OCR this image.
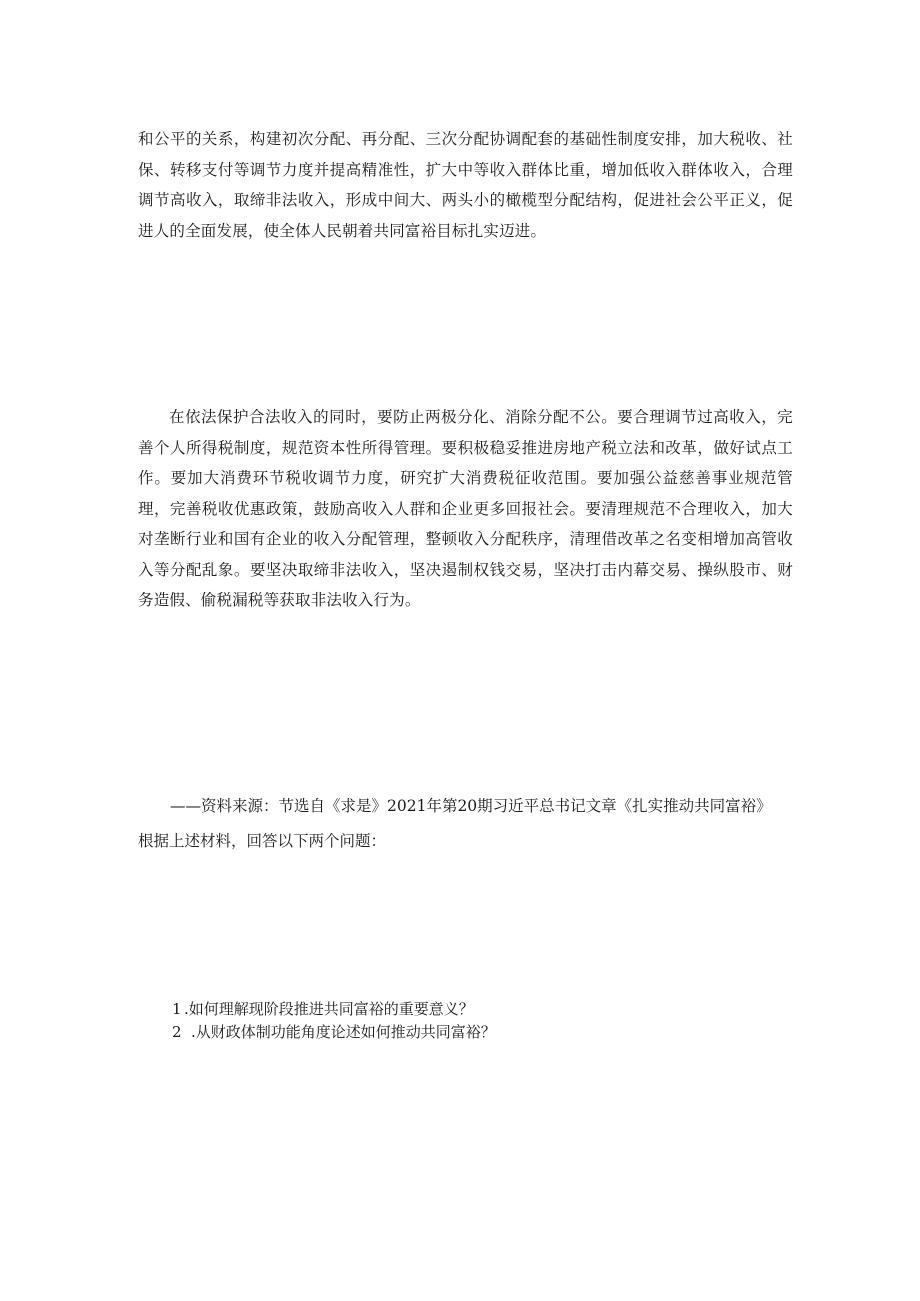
和公平的关系，构建初次分配、再分配、三次分配协调配套的基础性制度安排，加大税收、社保、转移支付等调节力度并提高精准性，扩大中等收入群体比重，增加低收入群体收入，合理调节高收入，取缔非法收入，形成中间大、两头小的橄榄型分配结构，促进社会公平正义，促进人的全面发展，使全体人民朝着共同富裕目标扎实迈进。

在依法保护合法收入的同时，要防止两极分化、消除分配不公。要合理调节过高收入，完善个人所得税制度，规范资本性所得管理。要积极稳妥推进房地产税立法和改革，做好试点工作。要加大消费环节税收调节力度，研究扩大消费税征收范围。要加强公益慈善事业规范管理，完善税收优惠政策，鼓励高收入人群和企业更多回报社会。要清理规范不合理收入，加大对垄断行业和国有企业的收入分配管理，整顿收入分配秩序，清理借改革之名变相增加高管收入等分配乱象。要坚决取缔非法收入，坚决遏制权钱交易，坚决打击内幕交易、操纵股市、财务造假、偷税漏税等获取非法收入行为。

——资料来源：节选自《求是》2021年第20期习近平总书记文章《扎实推动共同富裕》

根据上述材料，回答以下两个问题：

1 .如何理解现阶段推进共同富裕的重要意义？
2 .从财政体制功能角度论述如何推动共同富裕？
